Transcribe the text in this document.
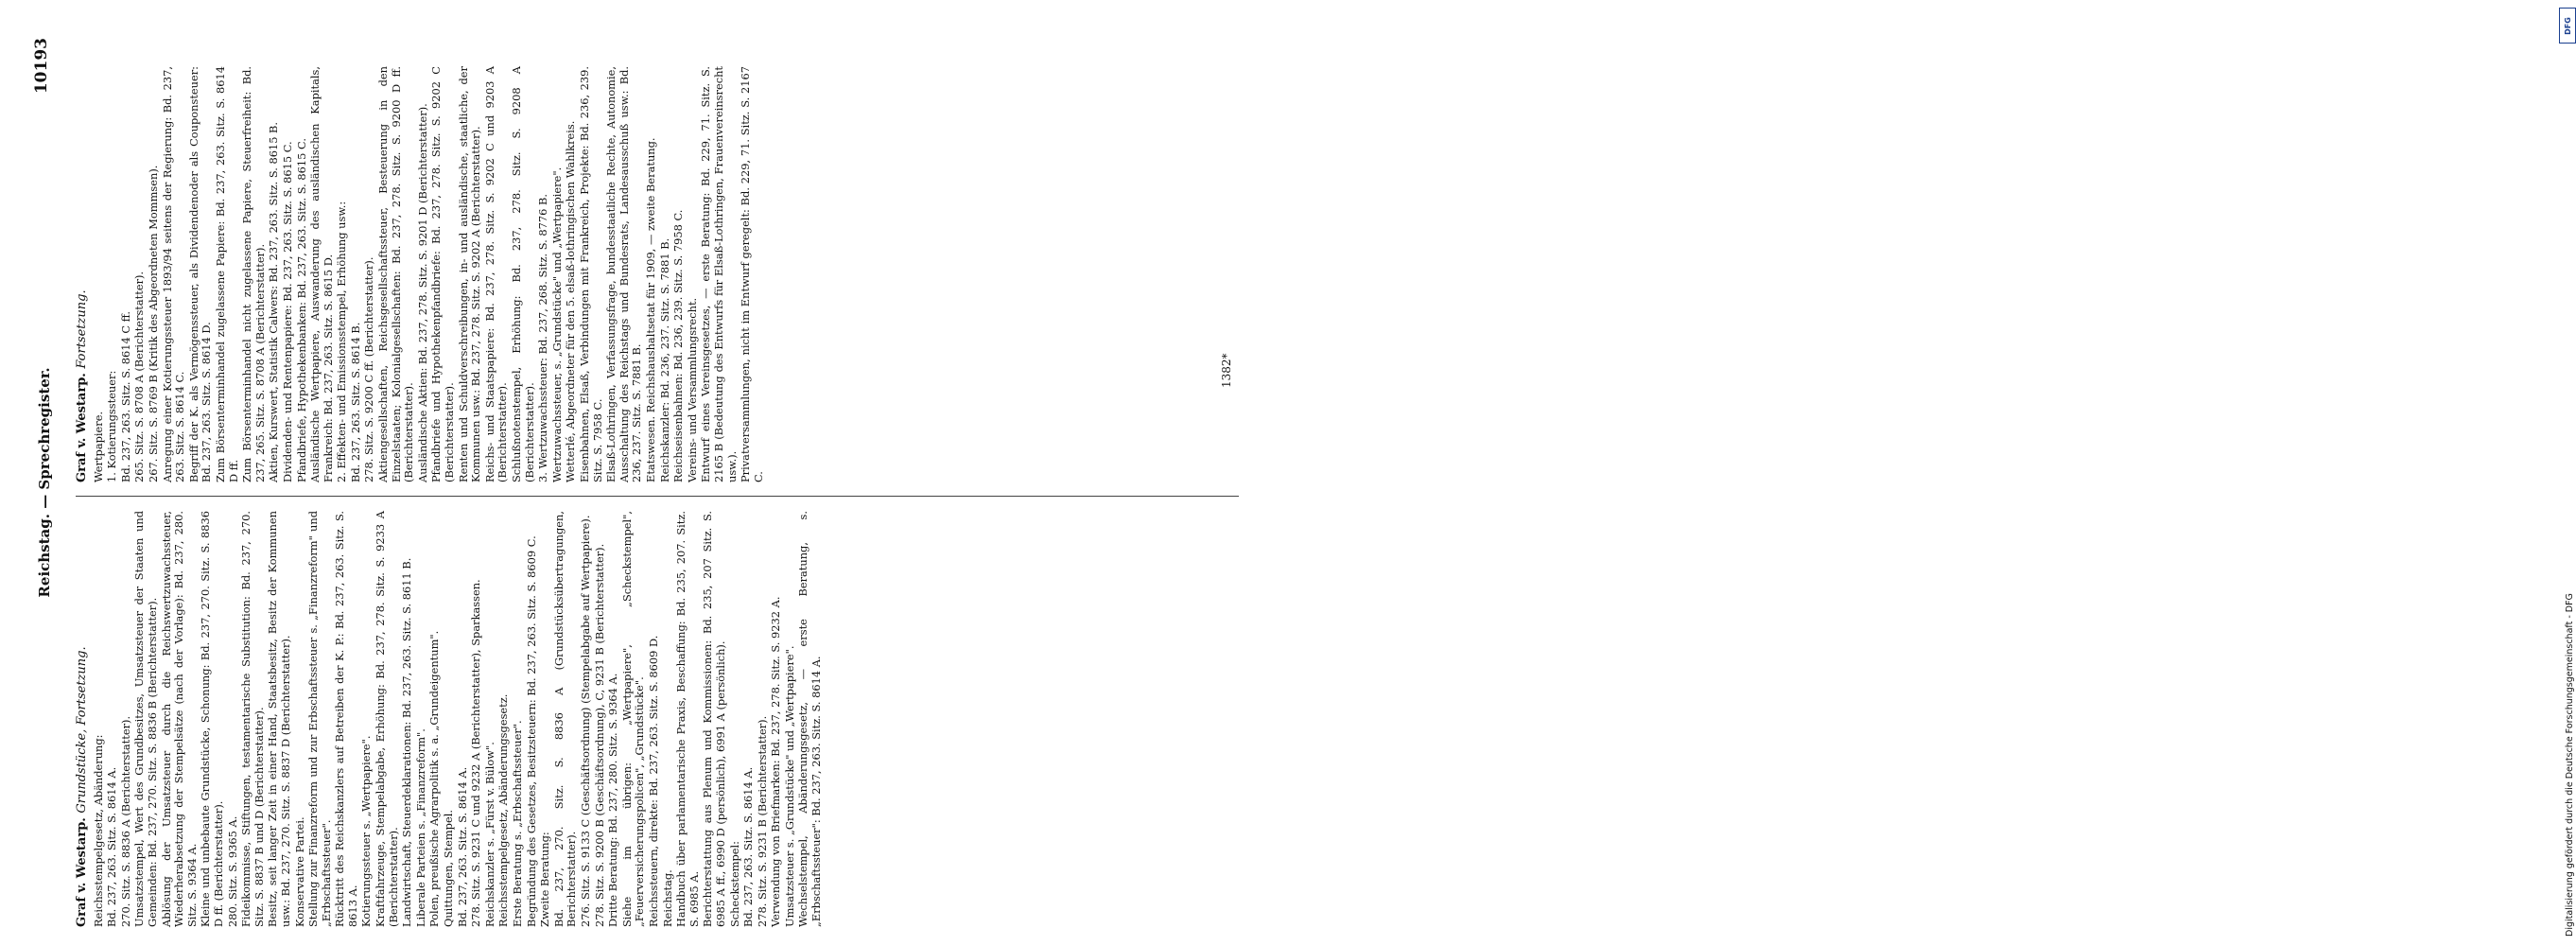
Reichstag. — Sprechregister.
10193
Graf v. Westarp. Grundstücke, Fortsetzung.
Reichsstempelgesetz, Abänderung: Bd. 237, 263. Sitz. S. 8614 A. 270. Sitz. S. 8836 A (Berichterstatter). Umsatzstempel, Wert des Grundbesitzes, Umsatzsteuer der Staaten und Gemeinden: Bd. 237, 270. Sitz. S. 8836 B (Berichterstatter). Ablösung der Umsatzsteuer durch die Reichswertzuwachssteuer, Wiederherabsetzung der Stempelsätze (nach der Vorlage): Bd. 237, 280. Sitz. S. 9364 A. Kleine und unbebaute Grundstücke, Schonung: Bd. 237, 270. Sitz. S. 8836 D ff. (Berichterstatter). 280. Sitz. S. 9365 A. Fideikommisse, Stiftungen, testamentarische Substitution: Bd. 237, 270. Sitz. S. 8837 B und D (Berichterstatter). Besitz, seit langer Zeit in einer Hand, Staatsbesitz, Besitz der Kommunen usw.: Bd. 237, 270. Sitz. S. 8837 D (Berichterstatter). Konservative Partei. Stellung zur Finanzreform und zur Erbschaftssteuer s. „Finanzreform" und „Erbschaftssteuer". Rücktritt des Reichskanzlers auf Betreiben der K. P.: Bd. 237, 263. Sitz. S. 8613 A. Kotierungssteuer s. „Wertpapiere". Kraftfahrzeuge, Stempelabgabe, Erhöhung: Bd. 237, 278. Sitz. S. 9233 A (Berichterstatter). Landwirtschaft, Steuerdeklarationen: Bd. 237, 263. Sitz. S. 8611 B. Liberale Parteien s. „Finanzreform". Polen, preußische Agrarpolitik s. a. „Grundeigentum". Quittungen, Stempel. Bd. 237, 263. Sitz. S. 8614 A. 278. Sitz. S. 9231 C und 9232 A (Berichterstatter), Sparkassen. Reichskanzler s. „Fürst v. Bülow". Reichsstempelgesetz, Abänderungsgesetz. Erste Beratung s. „Erbschaftssteuer". Begründung des Gesetzes, Besitzsteuern: Bd. 237, 263. Sitz. S. 8609 C. Zweite Beratung: Bd. 237, 270. Sitz. S. 8836 A (Grundstücksübertragungen, Berichterstatter). 276. Sitz. S. 9133 C (Geschäftsordnung) (Stempelabgabe auf Wertpapiere). 278. Sitz. S. 9200 B (Geschäftsordnung), C, 9231 B (Berichterstatter). Dritte Beratung: Bd. 237, 280. Sitz. S. 9364 A. Siehe im übrigen: „Wertpapiere", „Scheckstempel", „Feuerversicherungspolicen", „Grundstücke". Reichssteuern, direkte: Bd. 237, 263. Sitz. S. 8609 D. Reichstag. Handbuch über parlamentarische Praxis, Beschaffung: Bd. 235, 207. Sitz. S. 6985 A. Berichterstattung aus Plenum und Kommissionen: Bd. 235, 207 Sitz. S. 6985 A ff., 6990 D (persönlich), 6991 A (persönlich). Scheckstempel: Bd. 237, 263. Sitz. S. 8614 A. 278. Sitz. S. 9231 B (Berichterstatter). Verwendung von Briefmarken: Bd. 237, 278. Sitz. S. 9232 A. Umsatzsteuer s. „Grundstücke" und „Wertpapiere". Wechselstempel, Abänderungsgesetz, — erste Beratung, s. „Erbschaftssteuer": Bd. 237, 263. Sitz. S. 8614 A.
Graf v. Westarp. Fortsetzung.
Wertpapiere. 1. Kotierungssteuer: Bd. 237, 263. Sitz. S. 8614 C ff. 265. Sitz. S. 8708 A (Berichterstatter). 267. Sitz. S. 8769 B (Kritik des Abgeordneten Mommsen). Anregung einer Kotierungssteuer 1893/94 seitens der Regierung: Bd. 237, 263. Sitz. S. 8614 C. Begriff der K. als Vermögenssteuer, als Dividendenoder als Couponsteuer: Bd. 237, 263. Sitz. S. 8614 D. Zum Börsenterminhandel zugelassene Papiere: Bd. 237, 263. Sitz. S. 8614 D ff. Zum Börsenterminhandel nicht zugelassene Papiere, Steuerfreiheit: Bd. 237, 265. Sitz. S. 8708 A (Berichterstatter). Aktien, Kurswert, Statistik Calwers: Bd. 237, 263. Sitz. S. 8615 B. Dividenden- und Rentenpapiere: Bd. 237, 263. Sitz. S. 8615 C. Pfandbriefe, Hypothekenbanken: Bd. 237, 263. Sitz. S. 8615 C. Ausländische Wertpapiere, Auswanderung des ausländischen Kapitals, Frankreich: Bd. 237, 263. Sitz. S. 8615 D. 2. Effekten- und Emissionsstempel, Erhöhung usw.: Bd. 237, 263. Sitz. S. 8614 B. 278. Sitz. S. 9200 C ff. (Berichterstatter). Aktiengesellschaften, Reichsgesellschaftssteuer, Besteuerung in den Einzelstaaten; Kolonialgesellschaften: Bd. 237, 278. Sitz. S. 9200 D ff. (Berichterstatter). Ausländische Aktien: Bd. 237, 278. Sitz. S. 9201 D (Berichterstatter). Pfandbriefe und Hypothekenpfandbriefe: Bd. 237, 278. Sitz. S. 9202 C (Berichterstatter). Renten und Schuldverschreibungen, in- und ausländische, staatliche, der Kommunen usw.: Bd. 237, 278. Sitz. S. 9202 A (Berichterstatter). Reichs- und Staatspapiere: Bd. 237, 278. Sitz. S. 9202 C und 9203 A (Berichterstatter). Schlußnotenstempel, Erhöhung: Bd. 237, 278. Sitz. S. 9208 A (Berichterstatter). 3. Wertzuwachssteuer: Bd. 237, 268. Sitz. S. 8776 B. Wertzuwachssteuer, s. „Grundstücke" und „Wertpapiere". Wetterlé, Abgeordneter für den 5. elsaß-lothringischen Wahlkreis. Eisenbahnen, Elsaß, Verbindungen mit Frankreich, Projekte: Bd. 236, 239. Sitz. S. 7958 C. Elsaß-Lothringen, Verfassungsfrage, bundesstaatliche Rechte, Autonomie, Ausschaltung des Reichstags und Bundesrats, Landesausschuß usw.: Bd. 236, 237. Sitz. S. 7881 B. Etatswesen. Reichshaushaltsetat für 1909, — zweite Beratung. Reichskanzler: Bd. 236, 237. Sitz. S. 7881 B. Reichseisenbahnen: Bd. 236, 239. Sitz. S. 7958 C. Vereins- und Versammlungsrecht. Entwurf eines Vereinsgesetzes, — erste Beratung: Bd. 229, 71. Sitz. S. 2165 B (Bedeutung des Entwurfs für Elsaß-Lothringen, Frauenvereinsrecht usw.). Privatversammlungen, nicht im Entwurf geregelt: Bd. 229, 71. Sitz. S. 2167 C.
1382*
DFG
Digitalisierung gefördert durch die Deutsche Forschungsgemeinschaft - DFG
